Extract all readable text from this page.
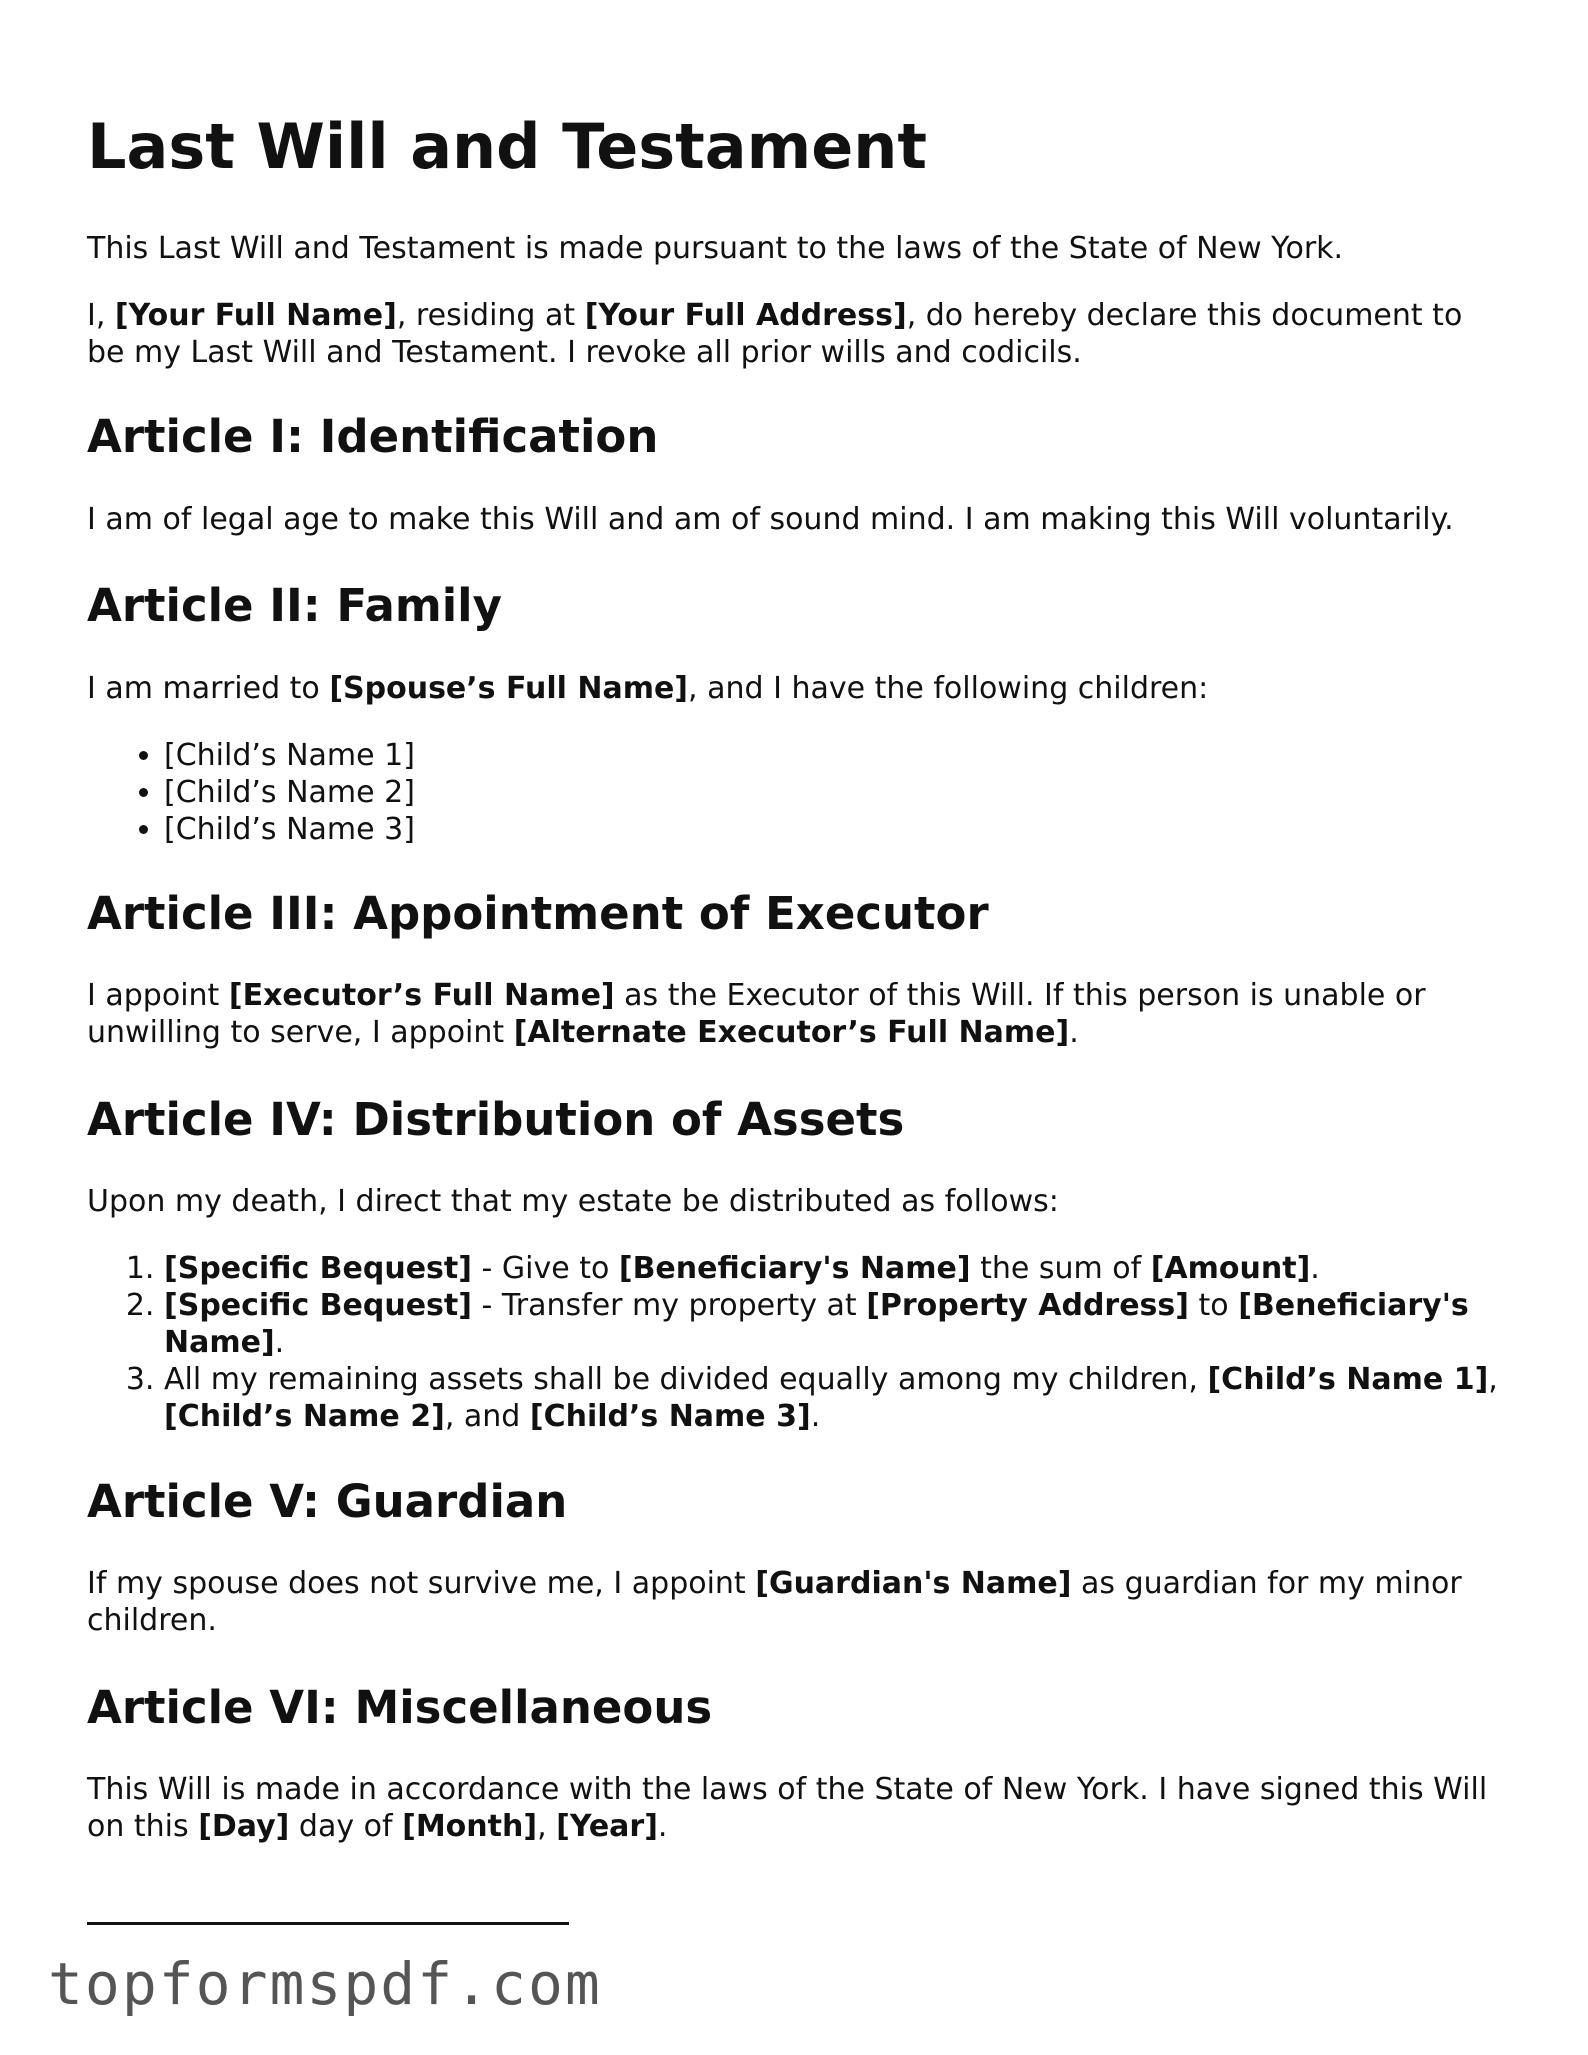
Last Will and Testament

This Last Will and Testament is made pursuant to the laws of the State of New York.

I, [Your Full Name], residing at [Your Full Address], do hereby declare this document to be my Last Will and Testament. I revoke all prior wills and codicils.

Article I: Identification

I am of legal age to make this Will and am of sound mind. I am making this Will voluntarily.

Article II: Family

I am married to [Spouse’s Full Name], and I have the following children:

• [Child’s Name 1]
• [Child’s Name 2]
• [Child’s Name 3]
Article III: Appointment of Executor

I appoint [Executor’s Full Name] as the Executor of this Will. If this person is unable or unwilling to serve, I appoint [Alternate Executor’s Full Name].

Article IV: Distribution of Assets

Upon my death, I direct that my estate be distributed as follows:

1. [Specific Bequest] - Give to [Beneficiary's Name] the sum of [Amount].
2. [Specific Bequest] - Transfer my property at [Property Address] to [Beneficiary's Name].
3. All my remaining assets shall be divided equally among my children, [Child’s Name 1], [Child’s Name 2], and [Child’s Name 3].
Article V: Guardian

If my spouse does not survive me, I appoint [Guardian's Name] as guardian for my minor children.

Article VI: Miscellaneous

This Will is made in accordance with the laws of the State of New York. I have signed this Will on this [Day] day of [Month], [Year].

topformspdf.com
